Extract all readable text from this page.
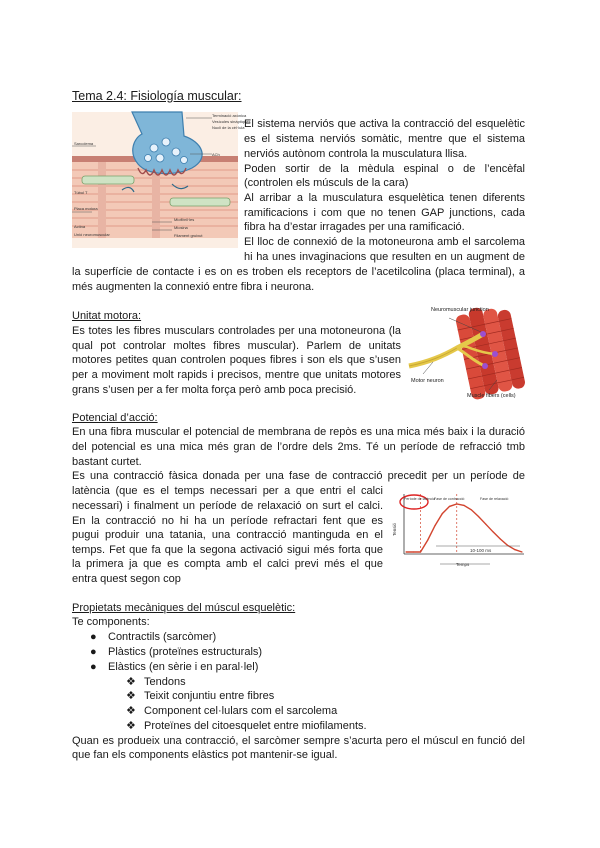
Tema 2.4: Fisiología muscular:
Terminació axònica
Vesícules sinàptiques
Nucli de la cèl·lula
ACh
Sarcolema
Túbul T
Placa motora
Unió neuromuscular
Miofibril·les
Actina	Miosina
Filament gruixut
El sistema nerviós que activa la contracció del esquelètic
es el sistema nerviós somàtic, mentre que el sistema
nerviós autònom controla la musculatura llisa.
Poden sortir de la mèdula espinal o de l’encèfal
(controlen els músculs de la cara)
Al arribar a la musculatura esquelètica tenen diferents
ramificacions i com que no tenen GAP junctions, cada
fibra ha d’estar irragades per una ramificació.
El lloc de connexió de la motoneurona amb el sarcolema
hi ha unes invaginacions que resulten en un augment de
la superfície de contacte i es on es troben els receptors de l’acetilcolina (placa terminal), a
més augmenten la connexió entre fibra i neurona.
Unitat motora:
Es totes les fibres musculars controlades per una motoneurona (la
qual pot controlar moltes fibres muscular). Parlem de unitats
motores petites quan controlen poques fibres i son els que s’usen
per a moviment molt rapids i precisos, mentre que unitats motores
grans s’usen per a fer molta força però amb poca precisió.
Neuromuscular junction
Motor neuron
Muscle fibers (cells)
Potencial d’acció:
En una fibra muscular el potencial de membrana de repòs es una mica més baix i la duració
del potencial es una mica més gran de l’ordre dels 2ms. Té un període de refracció tmb
bastant curtet.
Es una contracció fàsica donada per una fase de contracció precedit per un període de
latència (que es el temps necessari per a que entri el calci
necessari) i finalment un període de relaxació on surt el calci.
En la contracció no hi ha un període refractari fent que es
pugui produir una tatania, una contracció mantinguda en el
temps. Fet que fa que la segona activació sigui més forta que
la primera ja que es compta amb el calci previ més el que
entra quest segon cop
Període de latència Fase de contracció	Fase de relaxació
Tensió
10-100 ms
Temps
Propietats mecàniques del múscul esquelètic:
Te components:
● Contractils (sarcòmer)
● Plàstics (proteïnes estructurals)
● Elàstics (en sèrie i en paral·lel)
❖ Tendons
❖ Teixit conjuntiu entre fibres
❖ Component cel·lulars com el sarcolema
❖ Proteïnes del citoesquelet entre miofilaments.
Quan es produeix una contracció, el sarcòmer sempre s’acurta pero el múscul en funció del
que fan els components elàstics pot mantenir-se igual.
